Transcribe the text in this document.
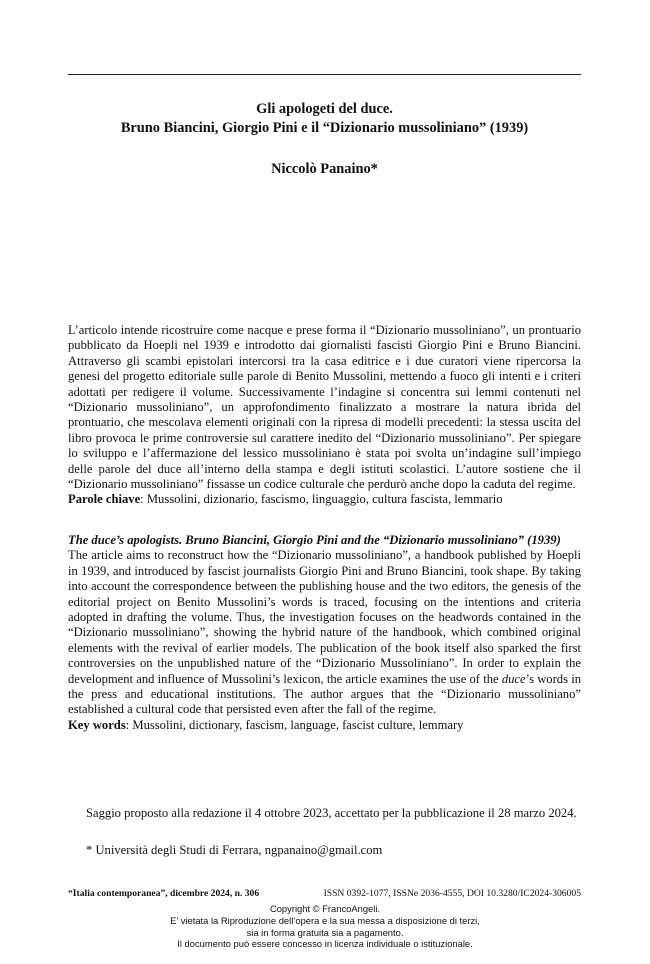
Gli apologeti del duce.
Bruno Biancini, Giorgio Pini e il “Dizionario mussoliniano” (1939)
Niccolò Panaino*

L’articolo intende ricostruire come nacque e prese forma il “Dizionario mussoliniano”, un prontuario pubblicato da Hoepli nel 1939 e introdotto dai giornalisti fascisti Giorgio Pini e Bruno Biancini. Attraverso gli scambi epistolari intercorsi tra la casa editrice e i due curatori viene ripercorsa la genesi del progetto editoriale sulle parole di Benito Mussolini, mettendo a fuoco gli intenti e i criteri adottati per redigere il volume. Successivamente l’indagine si concentra sui lemmi contenuti nel “Dizionario mussoliniano”, un approfondimento finalizzato a mostrare la natura ibrida del prontuario, che mescolava elementi originali con la ripresa di modelli precedenti: la stessa uscita del libro provoca le prime controversie sul carattere inedito del “Dizionario mussoliniano”. Per spiegare lo sviluppo e l’affermazione del lessico mussoliniano è stata poi svolta un’indagine sull’impiego delle parole del duce all’interno della stampa e degli istituti scolastici. L’autore sostiene che il “Dizionario mussoliniano” fissasse un codice culturale che perdurò anche dopo la caduta del regime.

Parole chiave: Mussolini, dizionario, fascismo, linguaggio, cultura fascista, lemmario

The duce’s apologists. Bruno Biancini, Giorgio Pini and the “Dizionario mussoliniano” (1939)

The article aims to reconstruct how the “Dizionario mussoliniano”, a handbook published by Hoepli in 1939, and introduced by fascist journalists Giorgio Pini and Bruno Biancini, took shape. By taking into account the correspondence between the publishing house and the two editors, the genesis of the editorial project on Benito Mussolini’s words is traced, focusing on the intentions and criteria adopted in drafting the volume. Thus, the investigation focuses on the headwords contained in the “Dizionario mussoliniano”, showing the hybrid nature of the handbook, which combined original elements with the revival of earlier models. The publication of the book itself also sparked the first controversies on the unpublished nature of the “Dizionario Mussoliniano”. In order to explain the development and influence of Mussolini’s lexicon, the article examines the use of the duce’s words in the press and educational institutions. The author argues that the “Dizionario mussoliniano” established a cultural code that persisted even after the fall of the regime.

Key words: Mussolini, dictionary, fascism, language, fascist culture, lemmary

Saggio proposto alla redazione il 4 ottobre 2023, accettato per la pubblicazione il 28 marzo 2024.
* Università degli Studi di Ferrara, ngpanaino@gmail.com
“Italia contemporanea”, dicembre 2024, n. 306	ISSN 0392-1077, ISSNe 2036-4555, DOI 10.3280/IC2024-306005
Copyright © FrancoAngeli.
E’ vietata la Riproduzione dell’opera e la sua messa a disposizione di terzi,
sia in forma gratuita sia a pagamento.
Il documento può essere concesso in licenza individuale o istituzionale.
